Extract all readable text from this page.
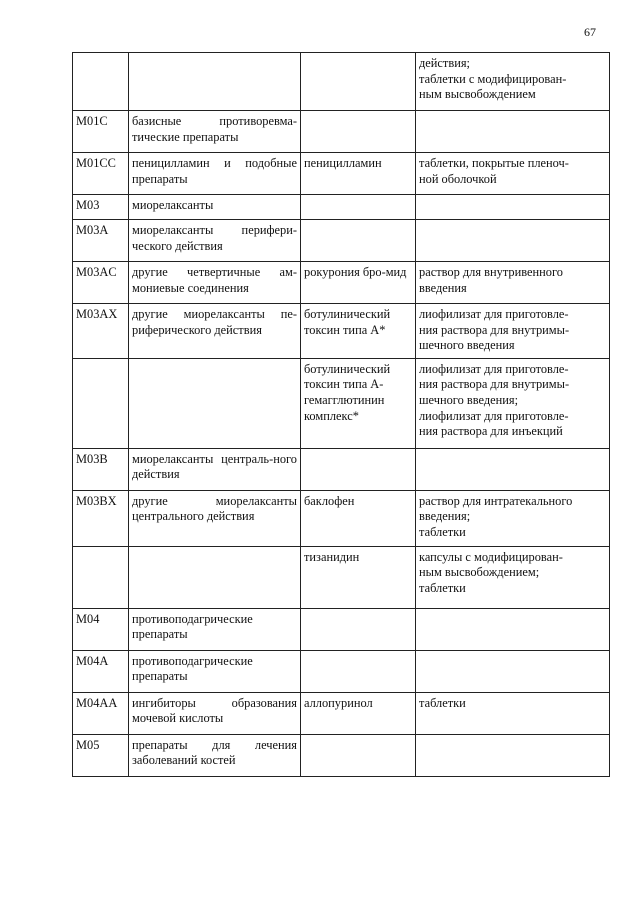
67

			действия;
таблетки с модифицирован-
ным высвобождением

M01C	базисные противоревма-тические препараты		
M01CC	пеницилламин и подобные препараты	пеницилламин	таблетки, покрытые пленоч-
ной оболочкой

M03	миорелаксанты		
M03A	миорелаксанты перифери-ческого действия		
M03AC	другие четвертичные ам-мониевые соединения	рокурония бро-мид	раствор для внутривенного
введения

M03AX	другие миорелаксанты пе-риферического действия	ботулинический токсин типа A*	лиофилизат для приготовле-
ния раствора для внутримы-
шечного введения

		ботулинический токсин типа A-гемагглютинин комплекс*	лиофилизат для приготовле-
ния раствора для внутримы-
шечного введения;
лиофилизат для приготовле-
ния раствора для инъекций

M03B	миорелаксанты централь-ного действия		
M03BX	другие миорелаксанты центрального действия	баклофен	раствор для интратекального
введения;
таблетки

		тизанидин	капсулы с модифицирован-
ным высвобождением;
таблетки

M04	противоподагрические препараты		
M04A	противоподагрические препараты		
M04AA	ингибиторы образования мочевой кислоты	аллопуринол	таблетки

M05	препараты для лечения заболеваний костей		
